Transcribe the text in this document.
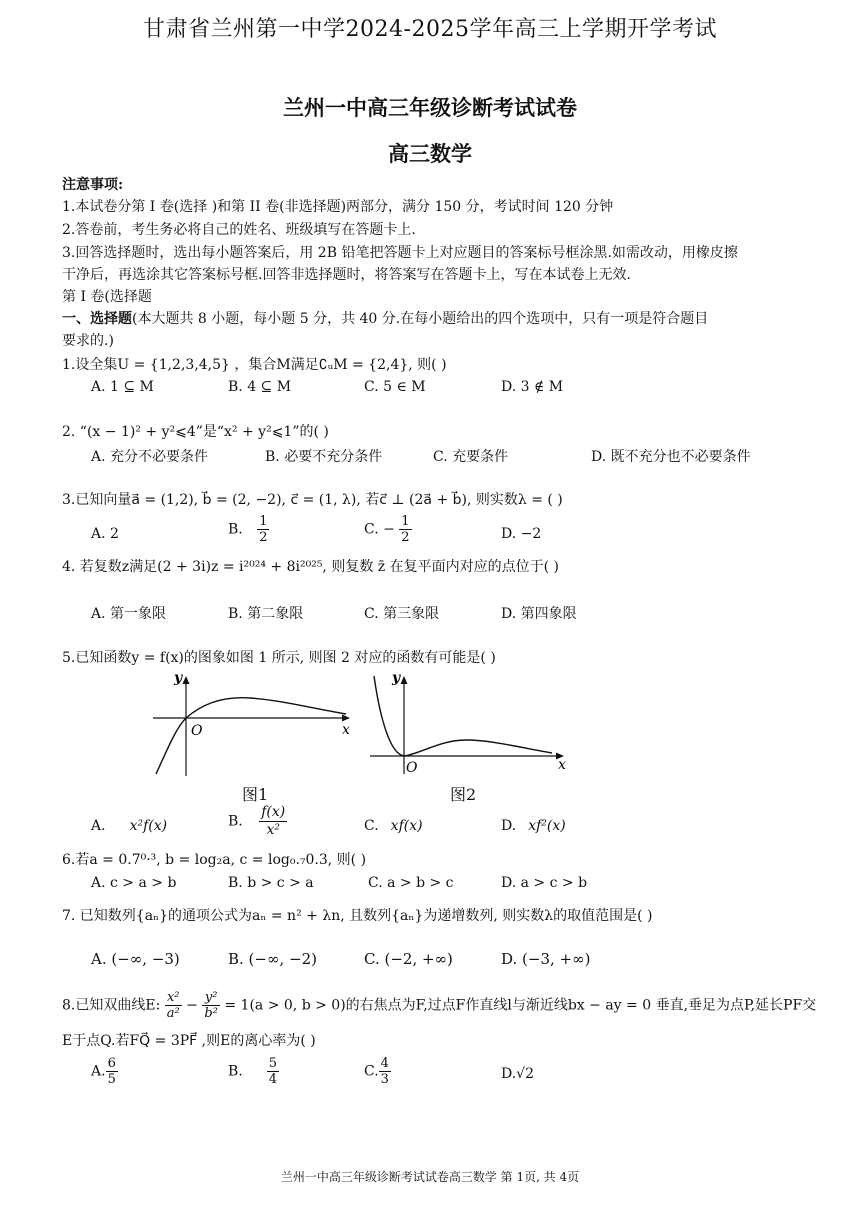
甘肃省兰州第一中学2024-2025学年高三上学期开学考试
兰州一中高三年级诊断考试试卷
高三数学
注意事项:
1.本试卷分第 I 卷(选择 )和第 II 卷(非选择题)两部分，满分 150 分，考试时间 120 分钟
2.答卷前，考生务必将自己的姓名、班级填写在答题卡上.
3.回答选择题时，选出每小题答案后，用 2B 铅笔把答题卡上对应题目的答案标号框涂黑.如需改动，用橡皮擦
干净后，再选涂其它答案标号框.回答非选择题时，将答案写在答题卡上，写在本试卷上无效.
第 I 卷(选择题
一、选择题(本大题共 8 小题，每小题 5 分，共 40 分.在每小题给出的四个选项中，只有一项是符合题目
要求的.)
1.设全集U = {1,2,3,4,5} ，集合M满足∁ᵤM = {2,4}, 则( )
A. 1 ⊆ M	B. 4 ⊆ M	C. 5 ∈ M	D. 3 ∉ M
2. “(x − 1)² + y²⩽4”是“x² + y²⩽1”的( )
A. 充分不必要条件	B. 必要不充分条件	C. 充要条件	D. 既不充分也不必要条件
3.已知向量a⃗ = (1,2), b⃗ = (2, −2), c⃗ = (1, λ), 若c⃗ ⊥ (2a⃗ + b⃗), 则实数λ = ( )
A. 2	B. $\frac{1}{2}$	C. − $\frac{1}{2}$	D. −2
4. 若复数z满足(2 + 3i)z = i²⁰²⁴ + 8i²⁰²⁵, 则复数 z̄ 在复平面内对应的点位于( )
A. 第一象限	B. 第二象限	C. 第三象限	D. 第四象限
5.已知函数y = f(x)的图象如图 1 所示, 则图 2 对应的函数有可能是( )
y
x
O
图1
y
x
O
图2
A. x²f(x)	B. $\frac{f(x)}{\text{x²}}$	C. xf(x)	D. xf²(x)
6.若a = 0.7⁰·³, b = log₂a, c = log₀.₇0.3, 则( )
A. c > a > b	B. b > c > a	C. a > b > c	D. a > c > b
7. 已知数列{aₙ}的通项公式为aₙ = n² + λn, 且数列{aₙ}为递增数列, 则实数λ的取值范围是( )
A. (−∞, −3)	B. (−∞, −2)	C. (−2, +∞)	D. (−3, +∞)
8.已知双曲线E: $\frac{\text{x²}}{\text{a²}} - \frac{\text{y²}}{\text{b²}} = 1(a > 0$, b > 0)的右焦点为F,过点F作直线l与渐近线bx − ay = 0 垂直,垂足为点P,延长PF交
E于点Q.若FQ⃗ = 3PF⃗ ,则E的离心率为( )
A. $\frac{6}{5}$	B. $\frac{5}{4}$	C. $\frac{4}{3}$	D.√2
兰州一中高三年级诊断考试试卷高三数学 第 1页, 共 4页
